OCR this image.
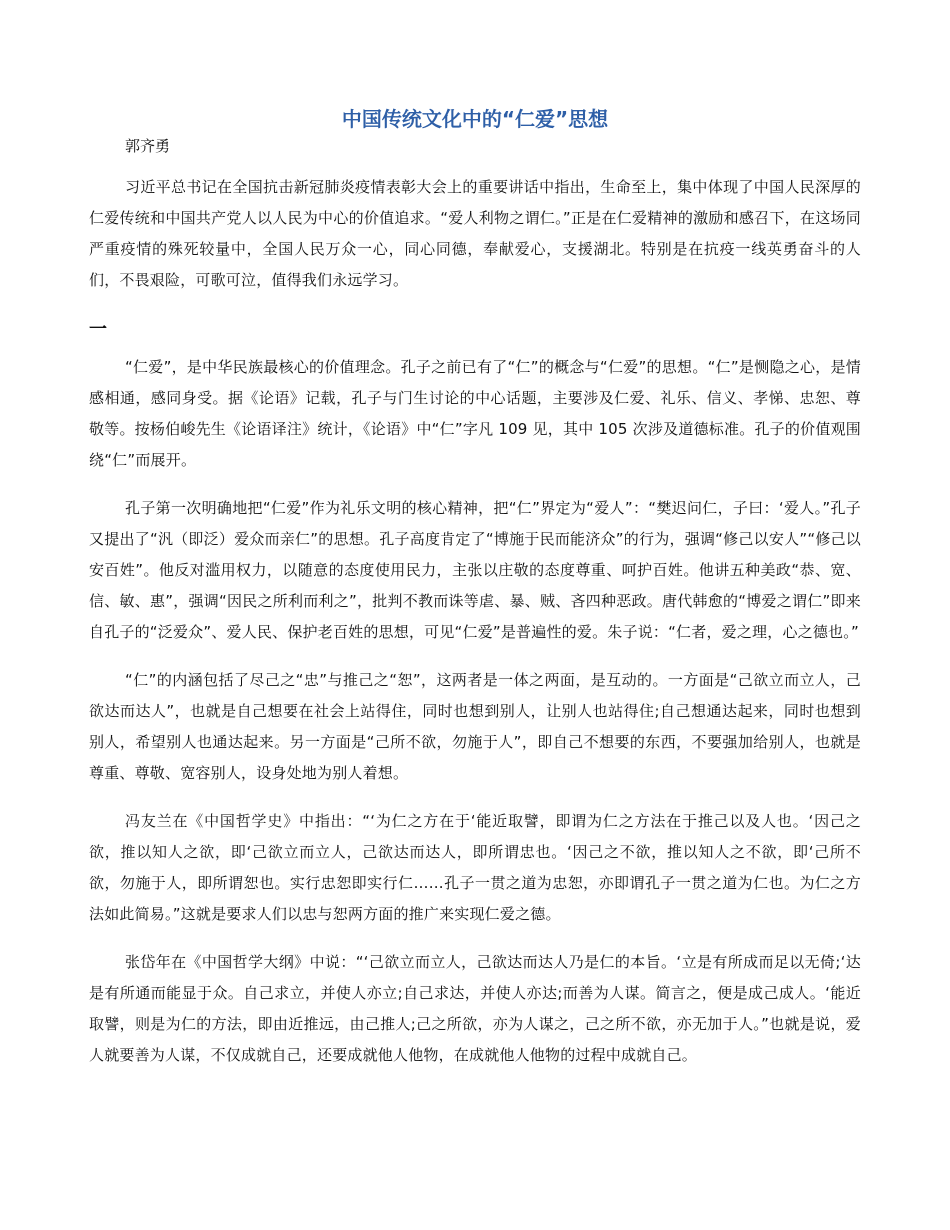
中国传统文化中的“仁爱”思想
郭齐勇

习近平总书记在全国抗击新冠肺炎疫情表彰大会上的重要讲话中指出，生命至上，集中体现了中国人民深厚的仁爱传统和中国共产党人以人民为中心的价值追求。“爱人利物之谓仁。”正是在仁爱精神的激励和感召下，在这场同严重疫情的殊死较量中，全国人民万众一心，同心同德，奉献爱心，支援湖北。特别是在抗疫一线英勇奋斗的人们，不畏艰险，可歌可泣，值得我们永远学习。

一

“仁爱”，是中华民族最核心的价值理念。孔子之前已有了“仁”的概念与“仁爱”的思想。“仁”是恻隐之心，是情感相通，感同身受。据《论语》记载，孔子与门生讨论的中心话题，主要涉及仁爱、礼乐、信义、孝悌、忠恕、尊敬等。按杨伯峻先生《论语译注》统计，《论语》中“仁”字凡 109 见，其中 105 次涉及道德标准。孔子的价值观围绕“仁”而展开。

孔子第一次明确地把“仁爱”作为礼乐文明的核心精神，把“仁”界定为“爱人”：“樊迟问仁，子曰：‘爱人。”孔子又提出了“汎（即泛）爱众而亲仁”的思想。孔子高度肯定了“博施于民而能济众”的行为，强调“修己以安人”“修己以安百姓”。他反对滥用权力，以随意的态度使用民力，主张以庄敬的态度尊重、呵护百姓。他讲五种美政“恭、宽、信、敏、惠”，强调“因民之所利而利之”，批判不教而诛等虐、暴、贼、吝四种恶政。唐代韩愈的“博爱之谓仁”即来自孔子的“泛爱众”、爱人民、保护老百姓的思想，可见“仁爱”是普遍性的爱。朱子说：“仁者，爱之理，心之德也。”

“仁”的内涵包括了尽己之“忠”与推己之“恕”，这两者是一体之两面，是互动的。一方面是“己欲立而立人，己欲达而达人”，也就是自己想要在社会上站得住，同时也想到别人，让别人也站得住;自己想通达起来，同时也想到别人，希望别人也通达起来。另一方面是“己所不欲，勿施于人”，即自己不想要的东西，不要强加给别人，也就是尊重、尊敬、宽容别人，设身处地为别人着想。

冯友兰在《中国哲学史》中指出：“‘为仁之方在于‘能近取譬，即谓为仁之方法在于推己以及人也。‘因己之欲，推以知人之欲，即‘己欲立而立人，己欲达而达人，即所谓忠也。‘因己之不欲，推以知人之不欲，即‘己所不欲，勿施于人，即所谓恕也。实行忠恕即实行仁……孔子一贯之道为忠恕，亦即谓孔子一贯之道为仁也。为仁之方法如此简易。”这就是要求人们以忠与恕两方面的推广来实现仁爱之德。

张岱年在《中国哲学大纲》中说：“‘己欲立而立人，己欲达而达人乃是仁的本旨。‘立是有所成而足以无倚;‘达是有所通而能显于众。自己求立，并使人亦立;自己求达，并使人亦达;而善为人谋。简言之，便是成己成人。‘能近取譬，则是为仁的方法，即由近推远，由己推人;己之所欲，亦为人谋之，己之所不欲，亦无加于人。”也就是说，爱人就要善为人谋，不仅成就自己，还要成就他人他物，在成就他人他物的过程中成就自己。
